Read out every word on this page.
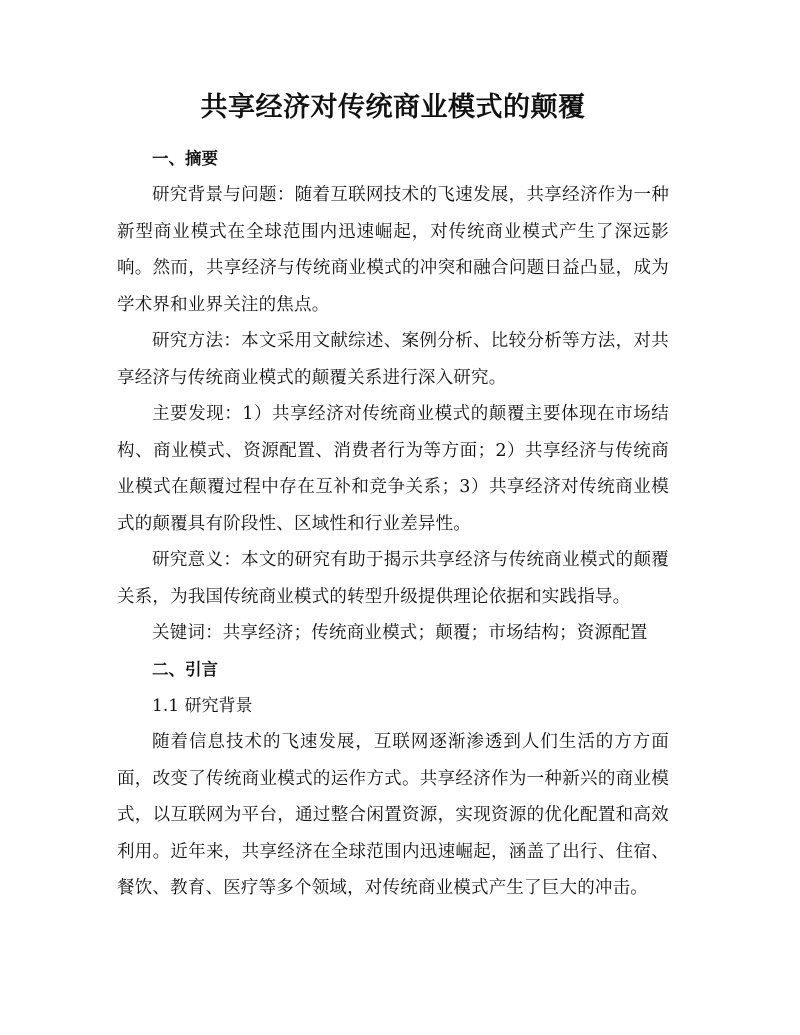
共享经济对传统商业模式的颠覆
一、摘要

研究背景与问题：随着互联网技术的飞速发展，共享经济作为一种新型商业模式在全球范围内迅速崛起，对传统商业模式产生了深远影响。然而，共享经济与传统商业模式的冲突和融合问题日益凸显，成为学术界和业界关注的焦点。

研究方法：本文采用文献综述、案例分析、比较分析等方法，对共享经济与传统商业模式的颠覆关系进行深入研究。

主要发现：1）共享经济对传统商业模式的颠覆主要体现在市场结构、商业模式、资源配置、消费者行为等方面；2）共享经济与传统商业模式在颠覆过程中存在互补和竞争关系；3）共享经济对传统商业模式的颠覆具有阶段性、区域性和行业差异性。

研究意义：本文的研究有助于揭示共享经济与传统商业模式的颠覆关系，为我国传统商业模式的转型升级提供理论依据和实践指导。

关键词：共享经济；传统商业模式；颠覆；市场结构；资源配置

二、引言

1.1 研究背景

随着信息技术的飞速发展，互联网逐渐渗透到人们生活的方方面面，改变了传统商业模式的运作方式。共享经济作为一种新兴的商业模式，以互联网为平台，通过整合闲置资源，实现资源的优化配置和高效利用。近年来，共享经济在全球范围内迅速崛起，涵盖了出行、住宿、餐饮、教育、医疗等多个领域，对传统商业模式产生了巨大的冲击。
